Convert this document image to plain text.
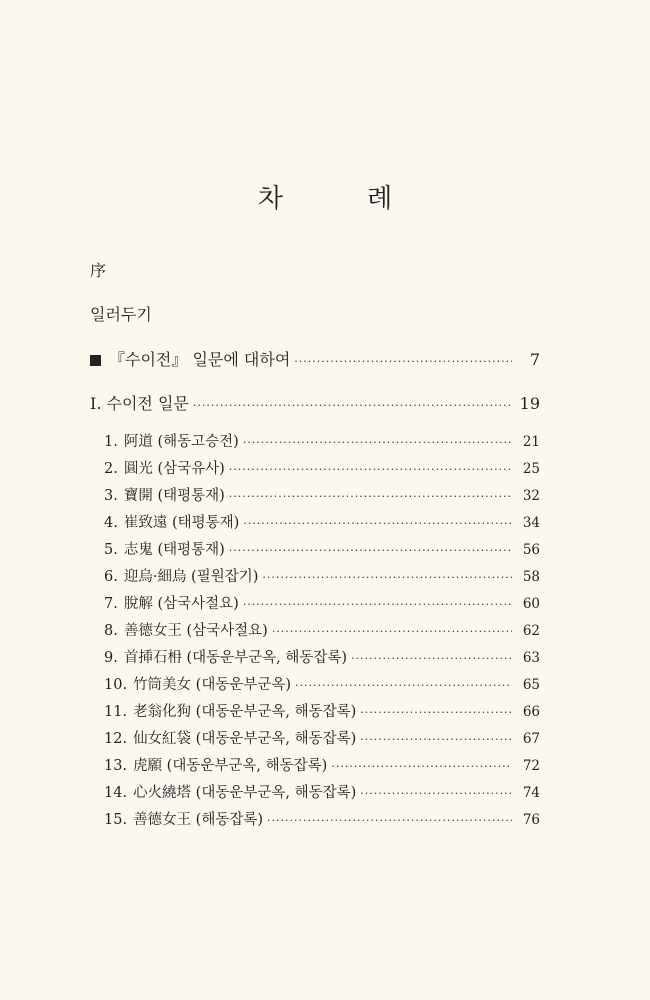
차 례
序
일러두기
『수이전』 일문에 대하여 ·····	7
Ⅰ. 수이전 일문 ·····	19
1. 阿道 (해동고승전) ·····	21
2. 圓光 (삼국유사) ·····	25
3. 寶開 (태평통재) ·····	32
4. 崔致遠 (태평통재) ·····	34
5. 志鬼 (태평통재) ·····	56
6. 迎烏·細烏 (필원잡기) ·····	58
7. 脫解 (삼국사절요) ·····	60
8. 善德女王 (삼국사절요) ·····	62
9. 首揷石枏 (대동운부군옥, 해동잡록) ·····	63
10. 竹筒美女 (대동운부군옥) ·····	65
11. 老翁化狗 (대동운부군옥, 해동잡록) ·····	66
12. 仙女紅袋 (대동운부군옥, 해동잡록) ·····	67
13. 虎願 (대동운부군옥, 해동잡록) ·····	72
14. 心火繞塔 (대동운부군옥, 해동잡록) ·····	74
15. 善德女王 (해동잡록) ·····	76
